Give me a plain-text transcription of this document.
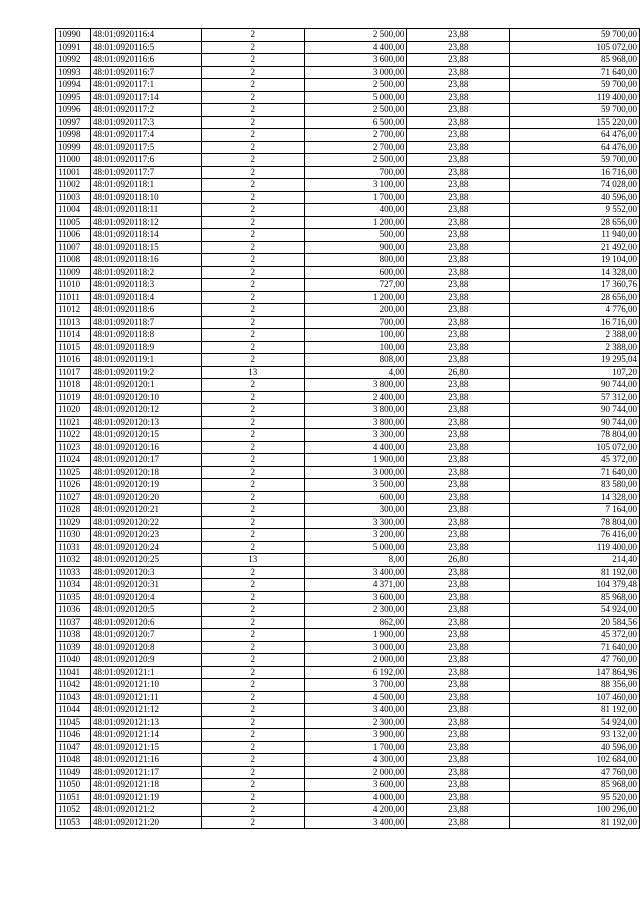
10990	48:01:0920116:4	2	2 500,00	23,88	59 700,00
10991	48:01:0920116:5	2	4 400,00	23,88	105 072,00
10992	48:01:0920116:6	2	3 600,00	23,88	85 968,00
10993	48:01:0920116:7	2	3 000,00	23,88	71 640,00
10994	48:01:0920117:1	2	2 500,00	23,88	59 700,00
10995	48:01:0920117:14	2	5 000,00	23,88	119 400,00
10996	48:01:0920117:2	2	2 500,00	23,88	59 700,00
10997	48:01:0920117:3	2	6 500,00	23,88	155 220,00
10998	48:01:0920117:4	2	2 700,00	23,88	64 476,00
10999	48:01:0920117:5	2	2 700,00	23,88	64 476,00
11000	48:01:0920117:6	2	2 500,00	23,88	59 700,00
11001	48:01:0920117:7	2	700,00	23,88	16 716,00
11002	48:01:0920118:1	2	3 100,00	23,88	74 028,00
11003	48:01:0920118:10	2	1 700,00	23,88	40 596,00
11004	48:01:0920118:11	2	400,00	23,88	9 552,00
11005	48:01:0920118:12	2	1 200,00	23,88	28 656,00
11006	48:01:0920118:14	2	500,00	23,88	11 940,00
11007	48:01:0920118:15	2	900,00	23,88	21 492,00
11008	48:01:0920118:16	2	800,00	23,88	19 104,00
11009	48:01:0920118:2	2	600,00	23,88	14 328,00
11010	48:01:0920118:3	2	727,00	23,88	17 360,76
11011	48:01:0920118:4	2	1 200,00	23,88	28 656,00
11012	48:01:0920118:6	2	200,00	23,88	4 776,00
11013	48:01:0920118:7	2	700,00	23,88	16 716,00
11014	48:01:0920118:8	2	100,00	23,88	2 388,00
11015	48:01:0920118:9	2	100,00	23,88	2 388,00
11016	48:01:0920119:1	2	808,00	23,88	19 295,04
11017	48:01:0920119:2	13	4,00	26,80	107,20
11018	48:01:0920120:1	2	3 800,00	23,88	90 744,00
11019	48:01:0920120:10	2	2 400,00	23,88	57 312,00
11020	48:01:0920120:12	2	3 800,00	23,88	90 744,00
11021	48:01:0920120:13	2	3 800,00	23,88	90 744,00
11022	48:01:0920120:15	2	3 300,00	23,88	78 804,00
11023	48:01:0920120:16	2	4 400,00	23,88	105 072,00
11024	48:01:0920120:17	2	1 900,00	23,88	45 372,00
11025	48:01:0920120:18	2	3 000,00	23,88	71 640,00
11026	48:01:0920120:19	2	3 500,00	23,88	83 580,00
11027	48:01:0920120:20	2	600,00	23,88	14 328,00
11028	48:01:0920120:21	2	300,00	23,88	7 164,00
11029	48:01:0920120:22	2	3 300,00	23,88	78 804,00
11030	48:01:0920120:23	2	3 200,00	23,88	76 416,00
11031	48:01:0920120:24	2	5 000,00	23,88	119 400,00
11032	48:01:0920120:25	13	8,00	26,80	214,40
11033	48:01:0920120:3	2	3 400,00	23,88	81 192,00
11034	48:01:0920120:31	2	4 371,00	23,88	104 379,48
11035	48:01:0920120:4	2	3 600,00	23,88	85 968,00
11036	48:01:0920120:5	2	2 300,00	23,88	54 924,00
11037	48:01:0920120:6	2	862,00	23,88	20 584,56
11038	48:01:0920120:7	2	1 900,00	23,88	45 372,00
11039	48:01:0920120:8	2	3 000,00	23,88	71 640,00
11040	48:01:0920120:9	2	2 000,00	23,88	47 760,00
11041	48:01:0920121:1	2	6 192,00	23,88	147 864,96
11042	48:01:0920121:10	2	3 700,00	23,88	88 356,00
11043	48:01:0920121:11	2	4 500,00	23,88	107 460,00
11044	48:01:0920121:12	2	3 400,00	23,88	81 192,00
11045	48:01:0920121:13	2	2 300,00	23,88	54 924,00
11046	48:01:0920121:14	2	3 900,00	23,88	93 132,00
11047	48:01:0920121:15	2	1 700,00	23,88	40 596,00
11048	48:01:0920121:16	2	4 300,00	23,88	102 684,00
11049	48:01:0920121:17	2	2 000,00	23,88	47 760,00
11050	48:01:0920121:18	2	3 600,00	23,88	85 968,00
11051	48:01:0920121:19	2	4 000,00	23,88	95 520,00
11052	48:01:0920121:2	2	4 200,00	23,88	100 296,00
11053	48:01:0920121:20	2	3 400,00	23,88	81 192,00
